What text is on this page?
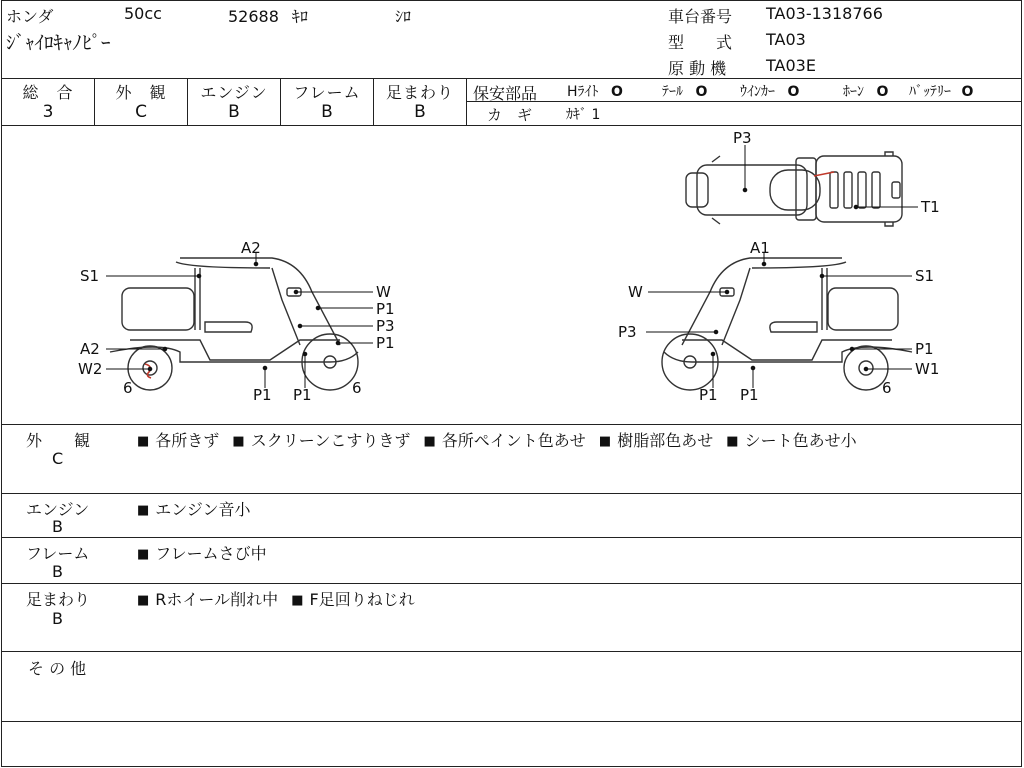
ホンダ	50cc	52688 ｷﾛ	ｼﾛ
ｼﾞｬｲﾛｷｬﾉﾋﾟｰ
車台番号 TA03-1318766
型　　式 TA03
原 動 機 TA03E
総　合
3
外　観
C
エンジン
B
フレーム
B
足まわり
B
保安部品 Hﾗｲﾄ O	ﾃｰﾙ O ｳｲﾝｶｰ O	ﾎｰﾝ O ﾊﾞｯﾃﾘｰ O
カ　ギ ｶｷﾞ 1
P3
T1
A2
S1
W
P1
P3
P1
A2
W2
6	P1 P1	6
A1
S1
W
P3
P1
W1
6
P1 P1
外　　観
C
■ 各所きず ■ スクリーンこすりきず ■ 各所ペイント色あせ ■ 樹脂部色あせ ■ シート色あせ小
エンジン
B
■ エンジン音小
フレーム
B
■ フレームさび中
足まわり
B
■ Rホイール削れ中 ■ F足回りねじれ
そ の 他
